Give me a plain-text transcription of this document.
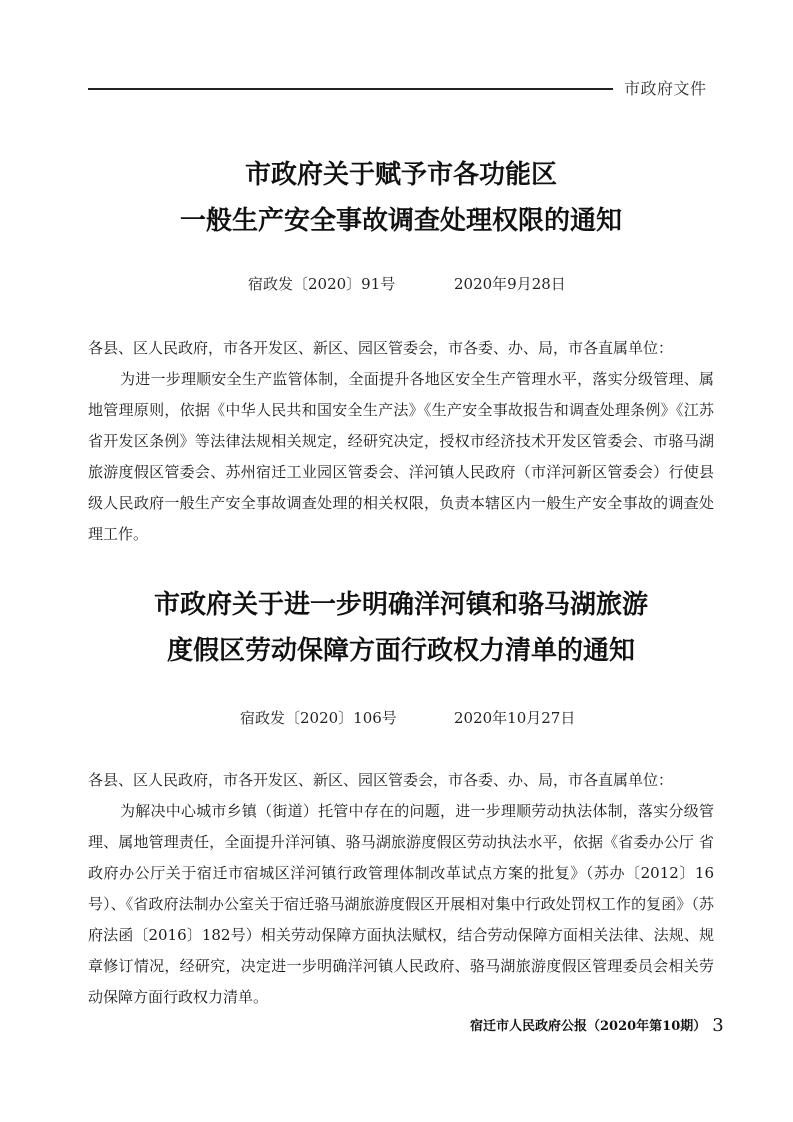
市政府文件
市政府关于赋予市各功能区
一般生产安全事故调查处理权限的通知
宿政发〔2020〕91号	2020年9月28日

各县、区人民政府，市各开发区、新区、园区管委会，市各委、办、局，市各直属单位：

为进一步理顺安全生产监管体制，全面提升各地区安全生产管理水平，落实分级管理、属地管理原则，依据《中华人民共和国安全生产法》《生产安全事故报告和调查处理条例》《江苏省开发区条例》等法律法规相关规定，经研究决定，授权市经济技术开发区管委会、市骆马湖旅游度假区管委会、苏州宿迁工业园区管委会、洋河镇人民政府（市洋河新区管委会）行使县级人民政府一般生产安全事故调查处理的相关权限，负责本辖区内一般生产安全事故的调查处理工作。

市政府关于进一步明确洋河镇和骆马湖旅游
度假区劳动保障方面行政权力清单的通知
宿政发〔2020〕106号	2020年10月27日

各县、区人民政府，市各开发区、新区、园区管委会，市各委、办、局，市各直属单位：

为解决中心城市乡镇（街道）托管中存在的问题，进一步理顺劳动执法体制，落实分级管理、属地管理责任，全面提升洋河镇、骆马湖旅游度假区劳动执法水平，依据《省委办公厅 省政府办公厅关于宿迁市宿城区洋河镇行政管理体制改革试点方案的批复》（苏办〔2012〕16号）、《省政府法制办公室关于宿迁骆马湖旅游度假区开展相对集中行政处罚权工作的复函》（苏府法函〔2016〕182号）相关劳动保障方面执法赋权，结合劳动保障方面相关法律、法规、规章修订情况，经研究，决定进一步明确洋河镇人民政府、骆马湖旅游度假区管理委员会相关劳动保障方面行政权力清单。

宿迁市人民政府公报（2020年第10期） 3
